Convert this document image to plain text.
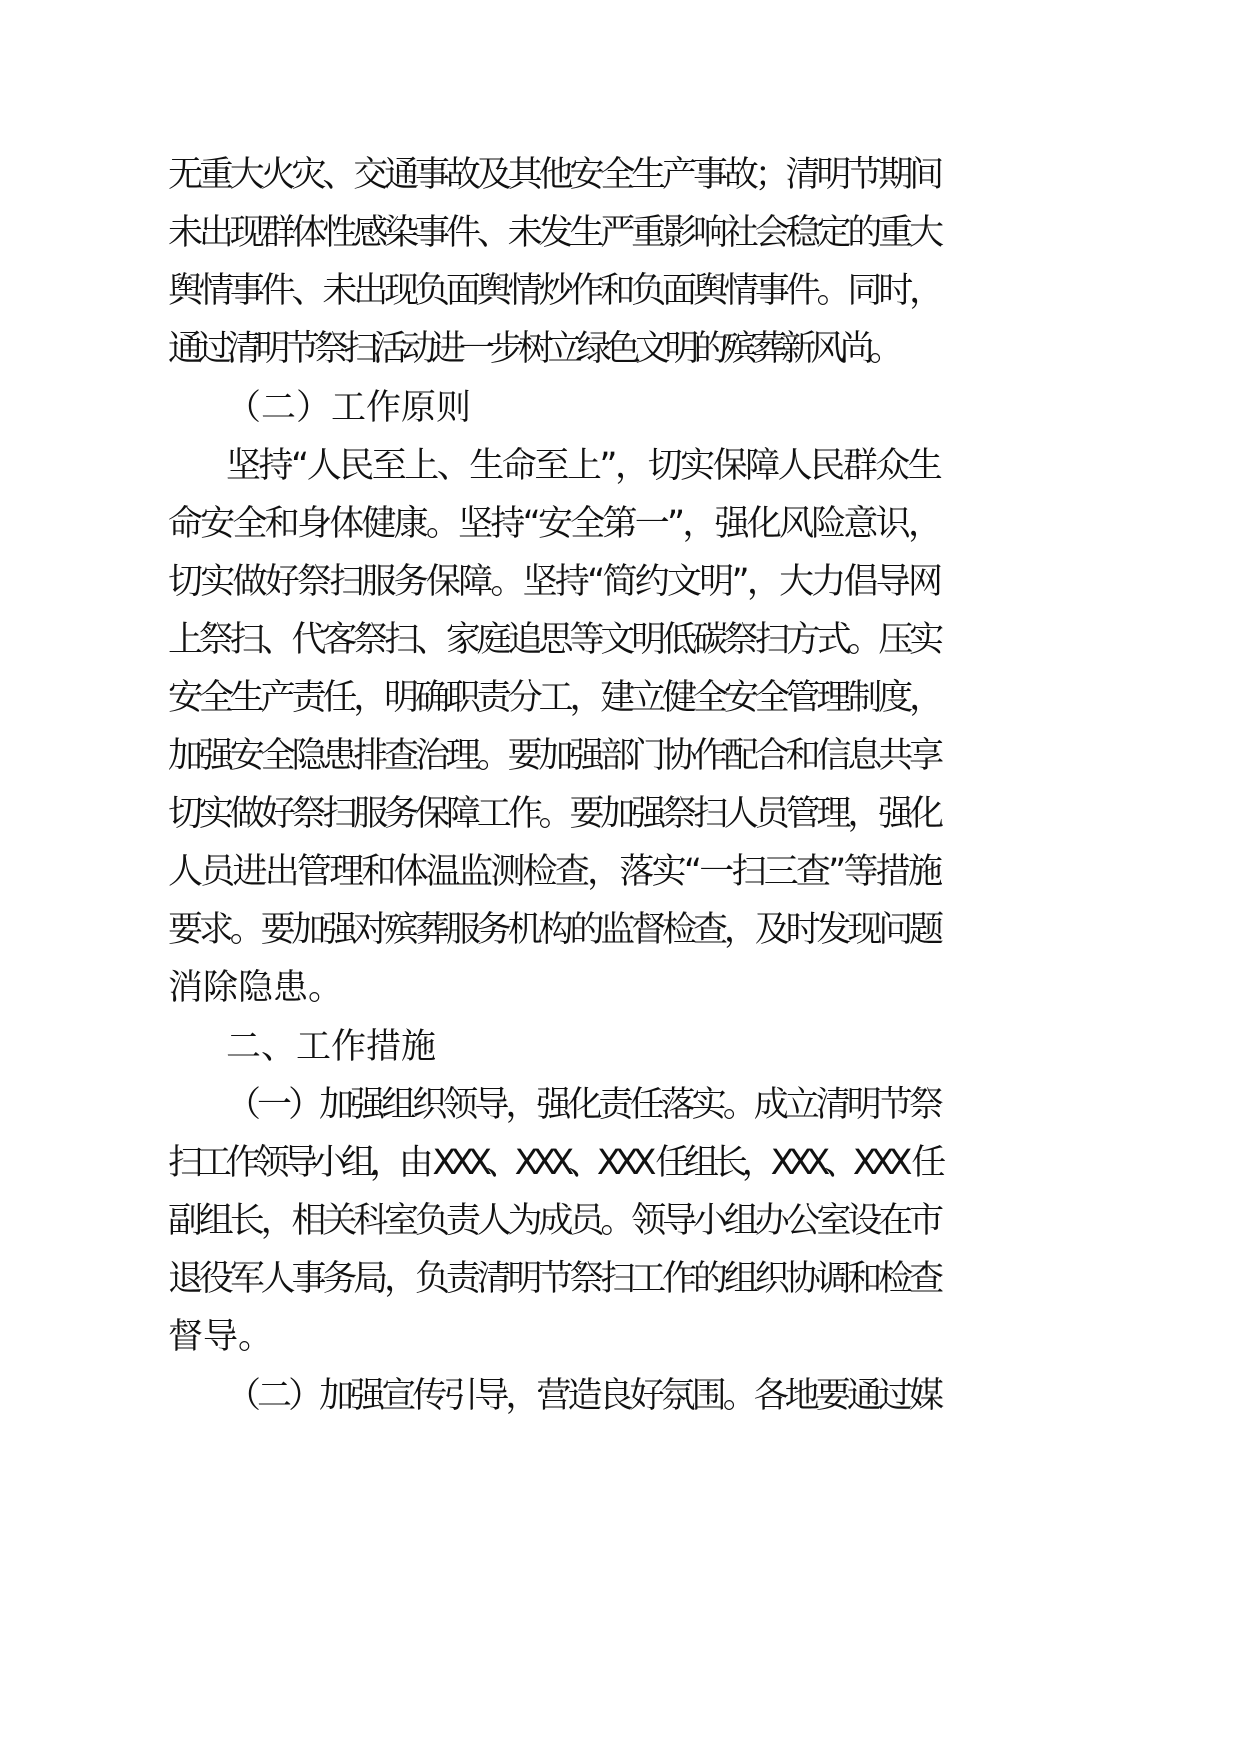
无重大火灾、交通事故及其他安全生产事故；清明节期间
未出现群体性感染事件、未发生严重影响社会稳定的重大
舆情事件、未出现负面舆情炒作和负面舆情事件。同时，
通过清明节祭扫活动进一步树立绿色文明的殡葬新风尚。
（二）工作原则
坚持“人民至上、生命至上”，切实保障人民群众生
命安全和身体健康。坚持“安全第一”，强化风险意识，
切实做好祭扫服务保障。坚持“简约文明”，大力倡导网
上祭扫、代客祭扫、家庭追思等文明低碳祭扫方式。压实
安全生产责任，明确职责分工，建立健全安全管理制度，
加强安全隐患排查治理。要加强部门协作配合和信息共享
切实做好祭扫服务保障工作。要加强祭扫人员管理，强化
人员进出管理和体温监测检查，落实“一扫三查”等措施
要求。要加强对殡葬服务机构的监督检查，及时发现问题
消除隐患。
二、工作措施
（一）加强组织领导，强化责任落实。成立清明节祭
扫工作领导小组，由 XXX、XXX、XXX 任组长，XXX、XXX 任
副组长，相关科室负责人为成员。领导小组办公室设在市
退役军人事务局，负责清明节祭扫工作的组织协调和检查
督导。
（二）加强宣传引导，营造良好氛围。各地要通过媒
